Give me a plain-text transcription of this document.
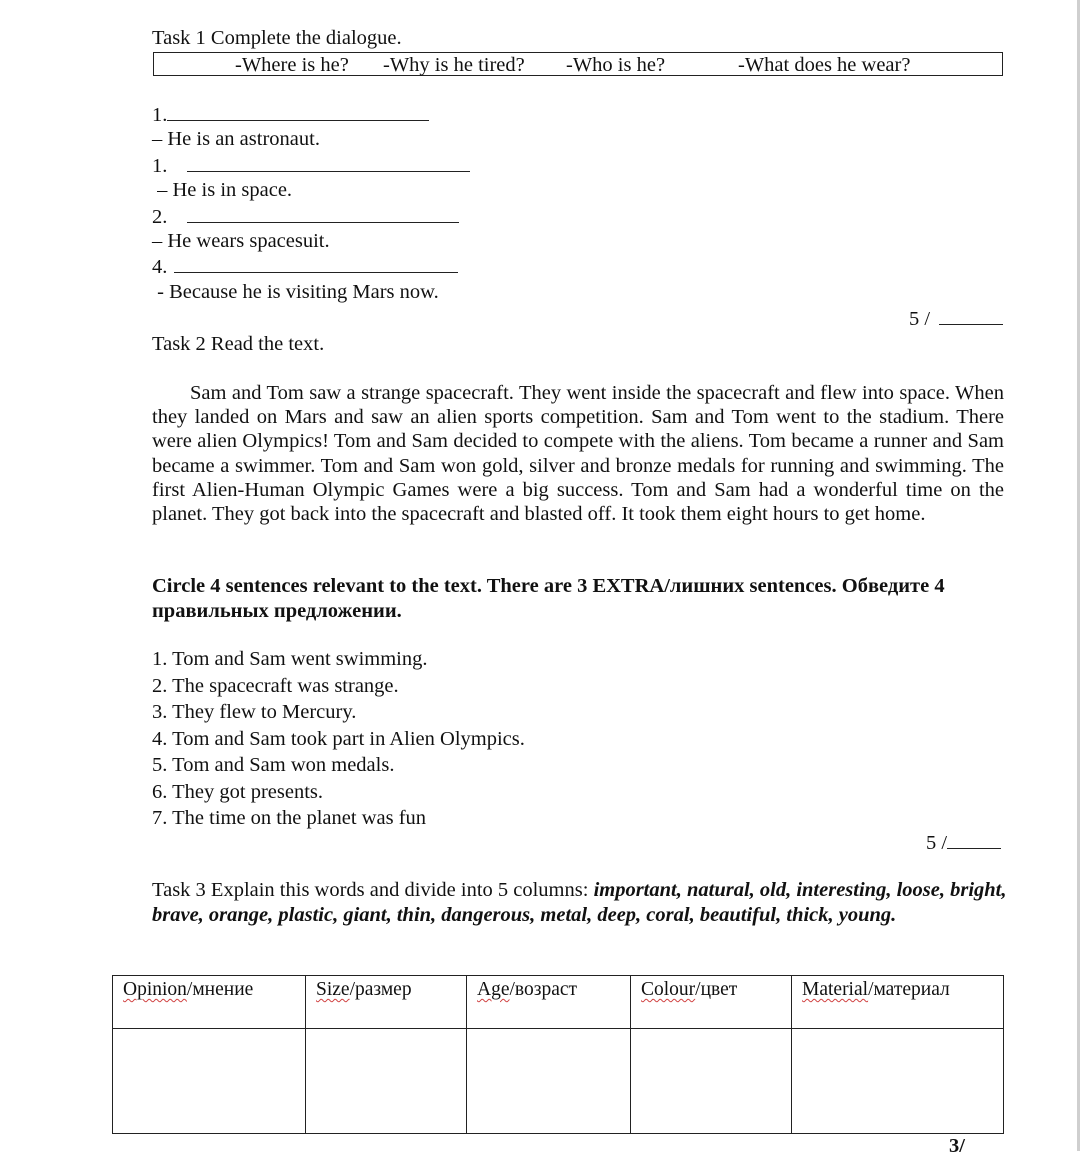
Task 1 Complete the dialogue.
-Where is he? -Why is he tired? -Who is he?	-What does he wear?
1.
– He is an astronaut.
1.
– He is in space.
2.
– He wears spacesuit.
4.
- Because he is visiting Mars now.
5 /
Task 2 Read the text.
Sam and Tom saw a strange spacecraft. They went inside the spacecraft and flew into space. When they landed on Mars and saw an alien sports competition. Sam and Tom went to the stadium. There were alien Olympics! Tom and Sam decided to compete with the aliens. Tom became a runner and Sam became a swimmer. Tom and Sam won gold, silver and bronze medals for running and swimming. The first Alien-Human Olympic Games were a big success. Tom and Sam had a wonderful time on the planet. They got back into the spacecraft and blasted off. It took them eight hours to get home.
Circle 4 sentences relevant to the text. There are 3 EXTRA/лишних sentences. Обведите 4 правильных предложении.
1. Tom and Sam went swimming.
2. The spacecraft was strange.
3. They flew to Mercury.
4. Tom and Sam took part in Alien Olympics.
5. Tom and Sam won medals.
6. They got presents.
7. The time on the planet was fun
5 /
Task 3 Explain this words and divide into 5 columns: important, natural, old, interesting, loose, bright, brave, orange, plastic, giant, thin, dangerous, metal, deep, coral, beautiful, thick, young.
Opinion/мнение	Size/размер	Age/возраст	Colour/цвет	Material/материал

3/
